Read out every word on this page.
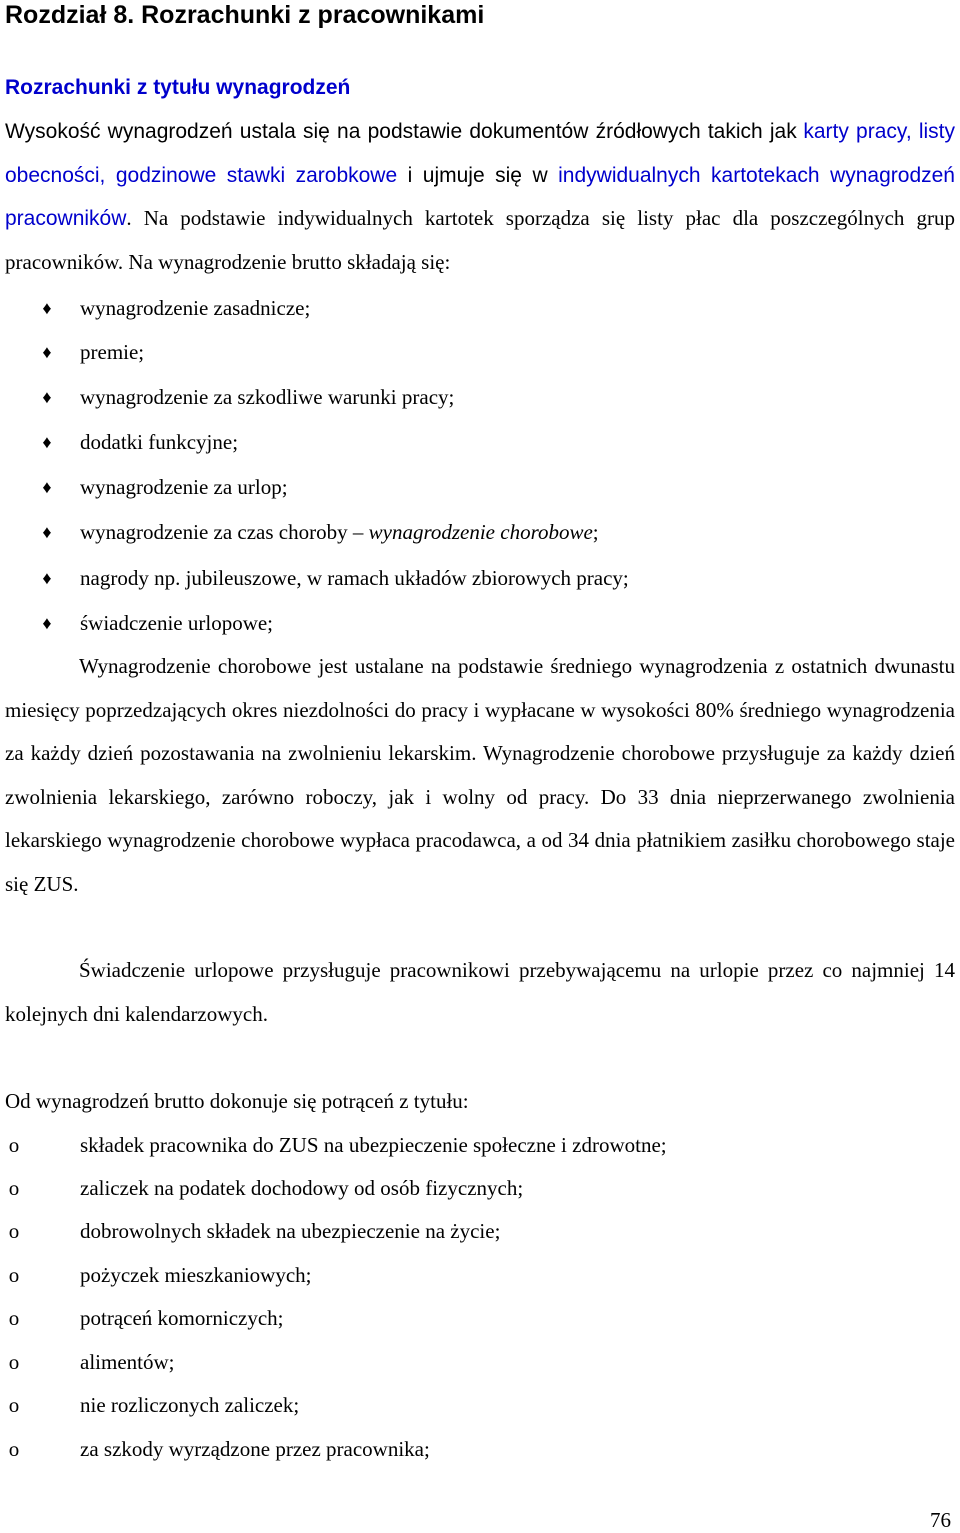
Rozdział 8. Rozrachunki z pracownikami
Rozrachunki z tytułu wynagrodzeń

Wysokość wynagrodzeń ustala się na podstawie dokumentów źródłowych takich jak karty pracy, listy obecności, godzinowe stawki zarobkowe i ujmuje się w indywidualnych kartotekach wynagrodzeń pracowników. Na podstawie indywidualnych kartotek sporządza się listy płac dla poszczególnych grup pracowników. Na wynagrodzenie brutto składają się:

♦	wynagrodzenie zasadnicze;
♦	premie;
♦	wynagrodzenie za szkodliwe warunki pracy;
♦	dodatki funkcyjne;
♦	wynagrodzenie za urlop;
♦	wynagrodzenie za czas choroby – wynagrodzenie chorobowe;
♦	nagrody np. jubileuszowe, w ramach układów zbiorowych pracy;
♦	świadczenie urlopowe;

Wynagrodzenie chorobowe jest ustalane na podstawie średniego wynagrodzenia z ostatnich dwunastu miesięcy poprzedzających okres niezdolności do pracy i wypłacane w wysokości 80% średniego wynagrodzenia za każdy dzień pozostawania na zwolnieniu lekarskim. Wynagrodzenie chorobowe przysługuje za każdy dzień zwolnienia lekarskiego, zarówno roboczy, jak i wolny od pracy. Do 33 dnia nieprzerwanego zwolnienia lekarskiego wynagrodzenie chorobowe wypłaca pracodawca, a od 34 dnia płatnikiem zasiłku chorobowego staje się ZUS.

Świadczenie urlopowe przysługuje pracownikowi przebywającemu na urlopie przez co najmniej 14 kolejnych dni kalendarzowych.

Od wynagrodzeń brutto dokonuje się potrąceń z tytułu:

o	składek pracownika do ZUS na ubezpieczenie społeczne i zdrowotne;
o	zaliczek na podatek dochodowy od osób fizycznych;
o	dobrowolnych składek na ubezpieczenie na życie;
o	pożyczek mieszkaniowych;
o	potrąceń komorniczych;
o	alimentów;
o	nie rozliczonych zaliczek;
o	za szkody wyrządzone przez pracownika;
76
